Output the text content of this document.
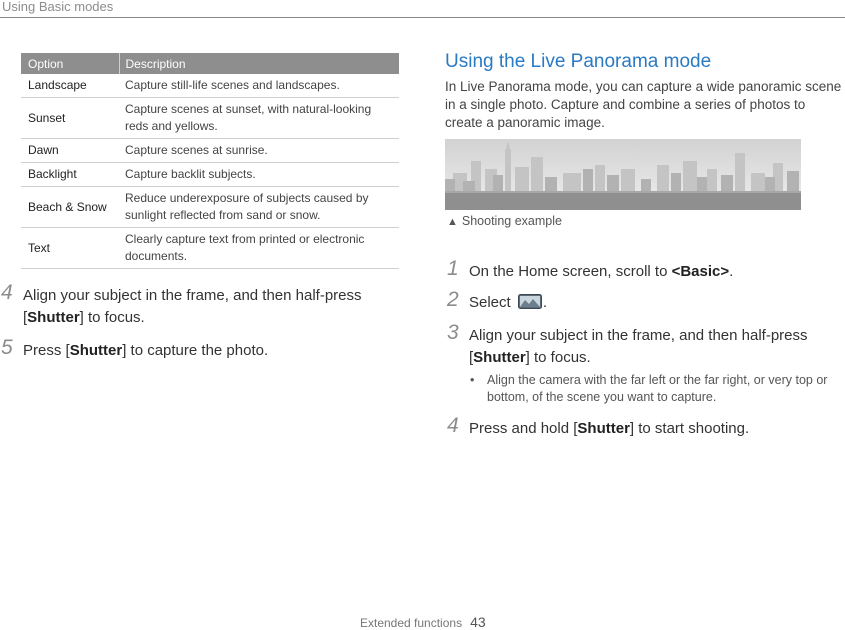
Using Basic modes
Option	Description
Landscape	Capture still-life scenes and landscapes.
Sunset	Capture scenes at sunset, with natural-looking reds and yellows.
Dawn	Capture scenes at sunrise.
Backlight	Capture backlit subjects.
Beach & Snow	Reduce underexposure of subjects caused by sunlight reflected from sand or snow.
Text	Clearly capture text from printed or electronic documents.
4 Align your subject in the frame, and then half-press [Shutter] to focus.
5 Press [Shutter] to capture the photo.
Using the Live Panorama mode
In Live Panorama mode, you can capture a wide panoramic scene in a single photo. Capture and combine a series of photos to create a panoramic image.
▲ Shooting example
1 On the Home screen, scroll to <Basic>.
2 Select .
3 Align your subject in the frame, and then half-press [Shutter] to focus.
• Align the camera with the far left or the far right, or very top or bottom, of the scene you want to capture.
4 Press and hold [Shutter] to start shooting.
Extended functions 43
